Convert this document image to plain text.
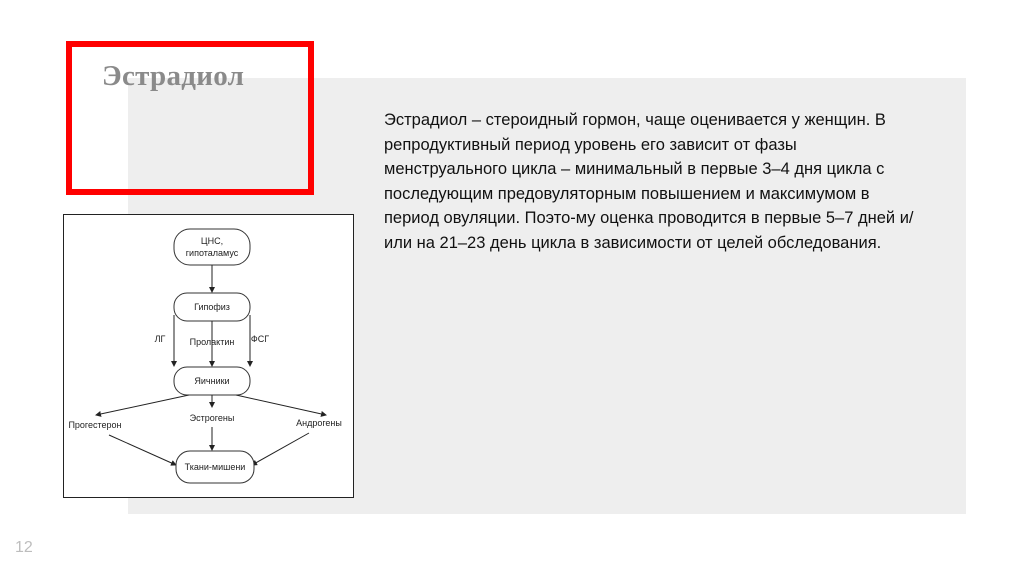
Эстрадиол
Эстрадиол – стероидный гормон, чаще оценивается у женщин. В репродуктивный период уровень его зависит от фазы менструального цикла – минимальный в первые 3–4 дня цикла с последующим предовуляторным повышением и максимумом в период овуляции. Поэто-му оценка проводится в первые 5–7 дней и/или на 21–23 день цикла в зависимости от целей обследования.
ЦНС,
гипоталамус
Гипофиз
ЛГ	Пролактин ФСГ
Яичники
Прогестерон
Эстрогены	Андрогены
Ткани-мишени
12
